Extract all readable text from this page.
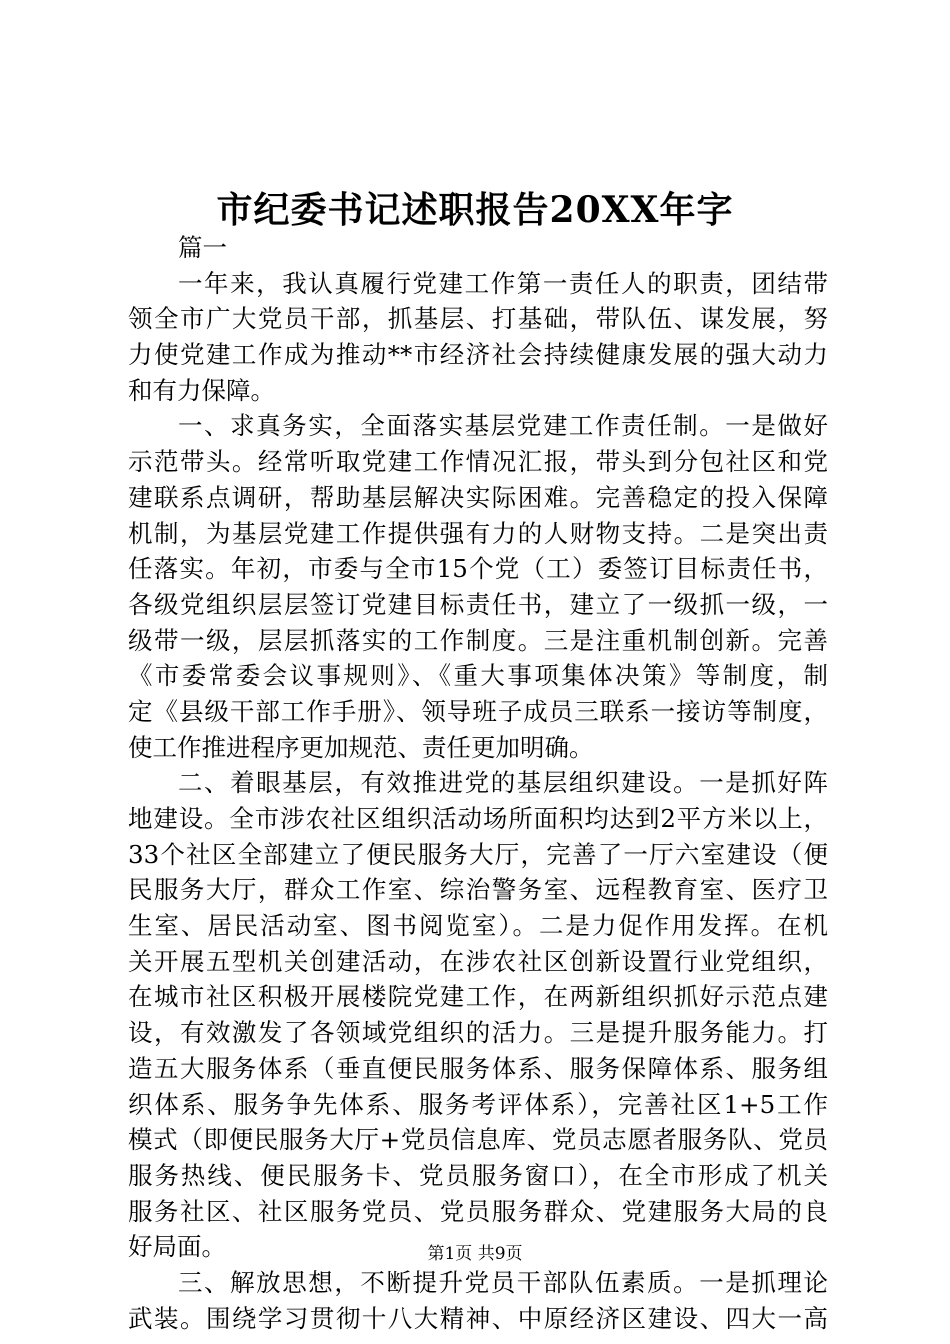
市纪委书记述职报告20XX年字
篇一
一年来，我认真履行党建工作第一责任人的职责，团结带
领全市广大党员干部，抓基层、打基础，带队伍、谋发展，努
力使党建工作成为推动**市经济社会持续健康发展的强大动力
和有力保障。
一、求真务实，全面落实基层党建工作责任制。一是做好
示范带头。经常听取党建工作情况汇报，带头到分包社区和党
建联系点调研，帮助基层解决实际困难。完善稳定的投入保障
机制，为基层党建工作提供强有力的人财物支持。二是突出责
任落实。年初，市委与全市15个党（工）委签订目标责任书，
各级党组织层层签订党建目标责任书，建立了一级抓一级，一
级带一级，层层抓落实的工作制度。三是注重机制创新。完善
《市委常委会议事规则》、《重大事项集体决策》等制度，制
定《县级干部工作手册》、领导班子成员三联系一接访等制度，
使工作推进程序更加规范、责任更加明确。
二、着眼基层，有效推进党的基层组织建设。一是抓好阵
地建设。全市涉农社区组织活动场所面积均达到2平方米以上，
33个社区全部建立了便民服务大厅，完善了一厅六室建设（便
民服务大厅，群众工作室、综治警务室、远程教育室、医疗卫
生室、居民活动室、图书阅览室）。二是力促作用发挥。在机
关开展五型机关创建活动，在涉农社区创新设置行业党组织，
在城市社区积极开展楼院党建工作，在两新组织抓好示范点建
设，有效激发了各领域党组织的活力。三是提升服务能力。打
造五大服务体系（垂直便民服务体系、服务保障体系、服务组
织体系、服务争先体系、服务考评体系），完善社区1+5工作
模式（即便民服务大厅+党员信息库、党员志愿者服务队、党员
服务热线、便民服务卡、党员服务窗口），在全市形成了机关
服务社区、社区服务党员、党员服务群众、党建服务大局的良
好局面。
三、解放思想，不断提升党员干部队伍素质。一是抓理论
武装。围绕学习贯彻十八大精神、中原经济区建设、四大一高
第1页 共9页
